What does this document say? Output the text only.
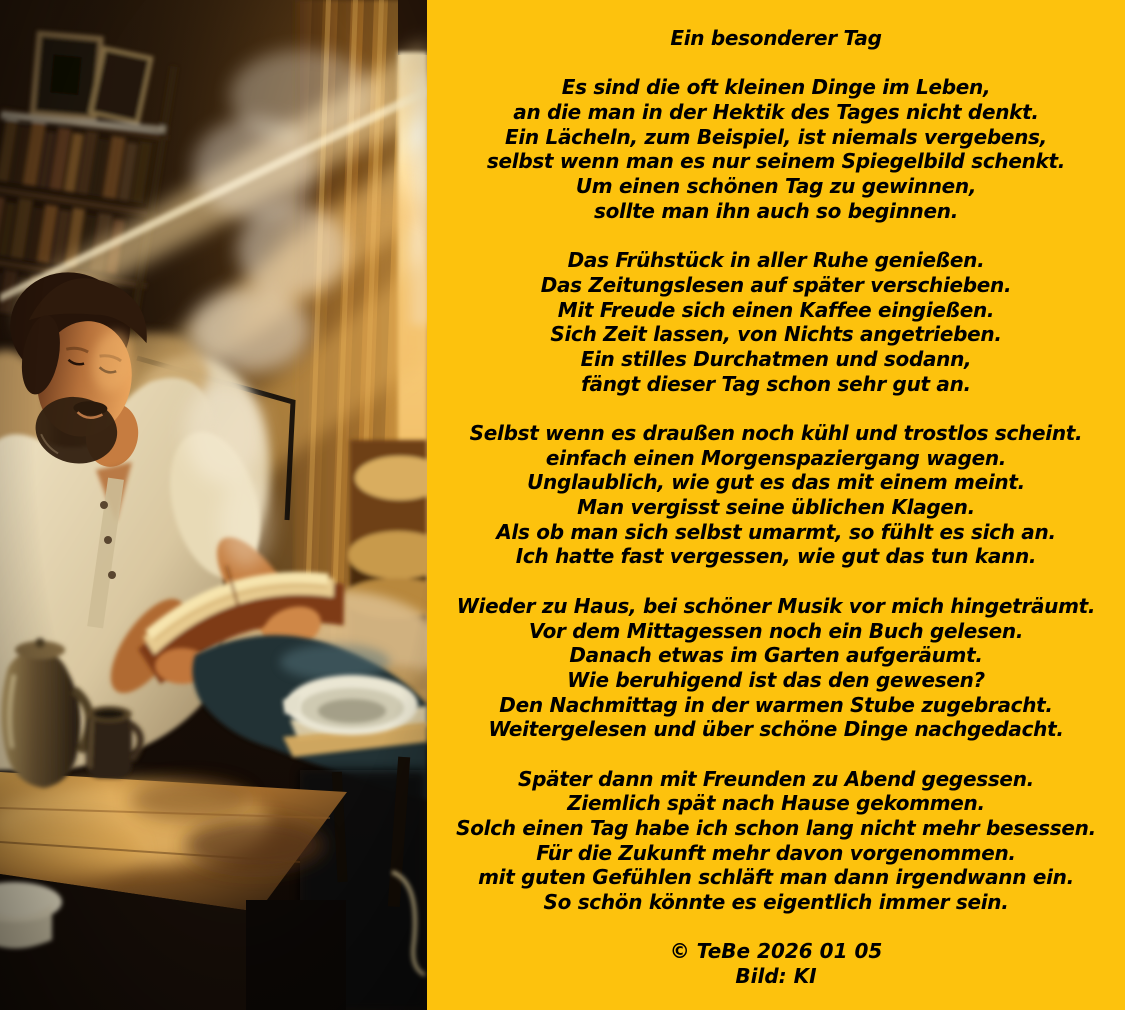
Ein besonderer Tag
Es sind die oft kleinen Dinge im Leben,
an die man in der Hektik des Tages nicht denkt.
Ein Lächeln, zum Beispiel, ist niemals vergebens,
selbst wenn man es nur seinem Spiegelbild schenkt.
Um einen schönen Tag zu gewinnen,
sollte man ihn auch so beginnen.
Das Frühstück in aller Ruhe genießen.
Das Zeitungslesen auf später verschieben.
Mit Freude sich einen Kaffee eingießen.
Sich Zeit lassen, von Nichts angetrieben.
Ein stilles Durchatmen und sodann,
fängt dieser Tag schon sehr gut an.
Selbst wenn es draußen noch kühl und trostlos scheint.
einfach einen Morgenspaziergang wagen.
Unglaublich, wie gut es das mit einem meint.
Man vergisst seine üblichen Klagen.
Als ob man sich selbst umarmt, so fühlt es sich an.
Ich hatte fast vergessen, wie gut das tun kann.
Wieder zu Haus, bei schöner Musik vor mich hingeträumt.
Vor dem Mittagessen noch ein Buch gelesen.
Danach etwas im Garten aufgeräumt.
Wie beruhigend ist das den gewesen?
Den Nachmittag in der warmen Stube zugebracht.
Weitergelesen und über schöne Dinge nachgedacht.
Später dann mit Freunden zu Abend gegessen.
Ziemlich spät nach Hause gekommen.
Solch einen Tag habe ich schon lang nicht mehr besessen.
Für die Zukunft mehr davon vorgenommen.
mit guten Gefühlen schläft man dann irgendwann ein.
So schön könnte es eigentlich immer sein.
© TeBe 2026 01 05
Bild: KI
